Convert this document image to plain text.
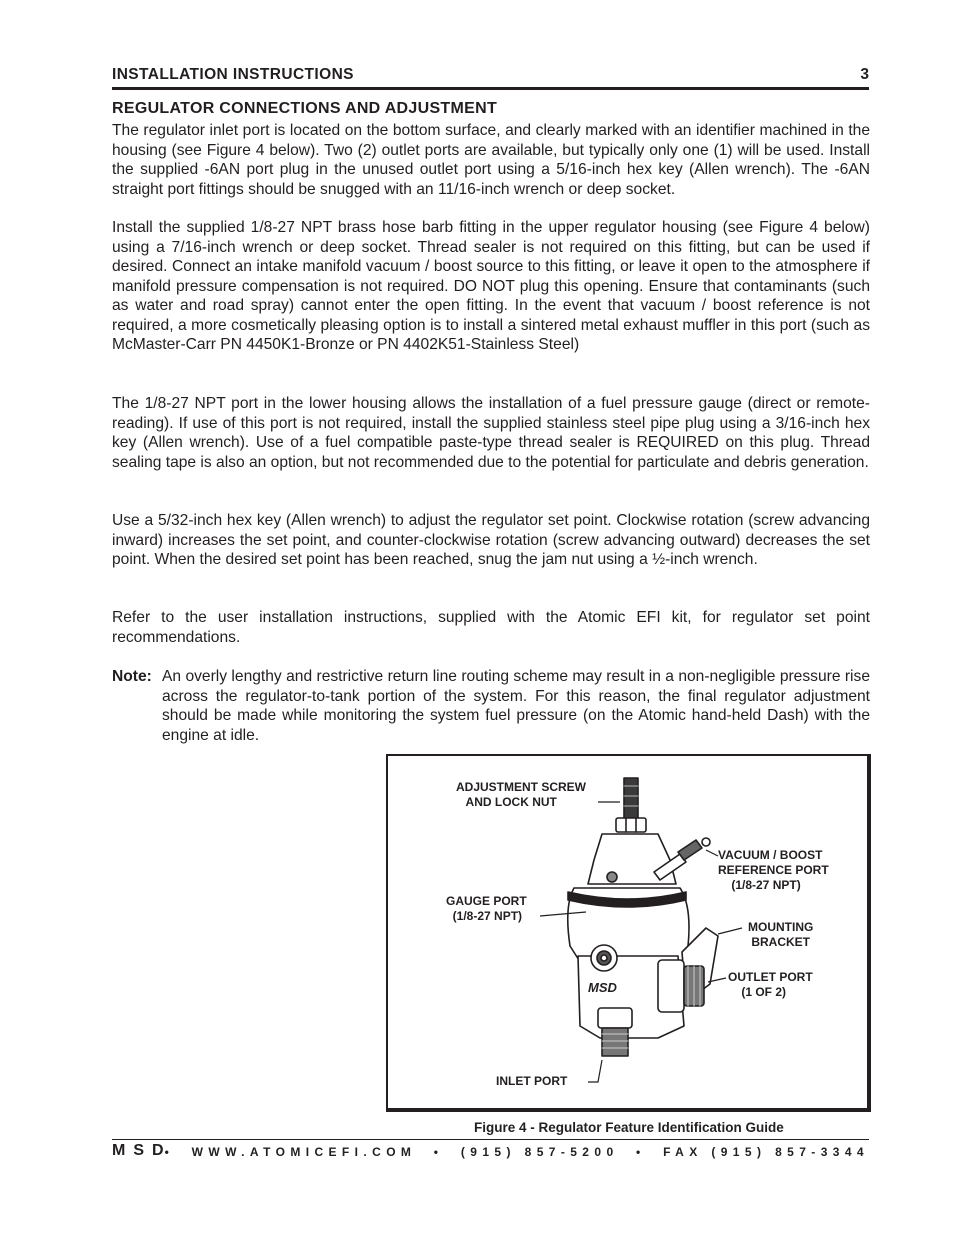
INSTALLATION INSTRUCTIONS	3
REGULATOR CONNECTIONS AND ADJUSTMENT

The regulator inlet port is located on the bottom surface, and clearly marked with an identifier machined in the housing (see Figure 4 below). Two (2) outlet ports are available, but typically only one (1) will be used. Install the supplied -6AN port plug in the unused outlet port using a 5/16-inch hex key (Allen wrench). The -6AN straight port fittings should be snugged with an 11/16-inch wrench or deep socket.

Install the supplied 1/8-27 NPT brass hose barb fitting in the upper regulator housing (see Figure 4 below) using a 7/16-inch wrench or deep socket. Thread sealer is not required on this fitting, but can be used if desired. Connect an intake manifold vacuum / boost source to this fitting, or leave it open to the atmosphere if manifold pressure compensation is not required. DO NOT plug this opening. Ensure that contaminants (such as water and road spray) cannot enter the open fitting. In the event that vacuum / boost reference is not required, a more cosmetically pleasing option is to install a sintered metal exhaust muffler in this port (such as McMaster-Carr PN 4450K1-Bronze or PN 4402K51-Stainless Steel)

The 1/8-27 NPT port in the lower housing allows the installation of a fuel pressure gauge (direct or remote-reading). If use of this port is not required, install the supplied stainless steel pipe plug using a 3/16-inch hex key (Allen wrench). Use of a fuel compatible paste-type thread sealer is REQUIRED on this plug. Thread sealing tape is also an option, but not recommended due to the potential for particulate and debris generation.

Use a 5/32-inch hex key (Allen wrench) to adjust the regulator set point. Clockwise rotation (screw advancing inward) increases the set point, and counter-clockwise rotation (screw advancing outward) decreases the set point. When the desired set point has been reached, snug the jam nut using a ½-inch wrench.

Refer to the user installation instructions, supplied with the Atomic EFI kit, for regulator set point recommendations.

Note: An overly lengthy and restrictive return line routing scheme may result in a non-negligible pressure rise across the regulator-to-tank portion of the system. For this reason, the final regulator adjustment should be made while monitoring the system fuel pressure (on the Atomic hand-held Dash) with the engine at idle.

MSD
ADJUSTMENT SCREW
AND LOCK NUT
VACUUM / BOOST
REFERENCE PORT
(1/8-27 NPT)
GAUGE PORT
(1/8-27 NPT)
MOUNTING
BRACKET
OUTLET PORT
(1 OF 2)
INLET PORT
Figure 4 - Regulator Feature Identification Guide
MSD
•  WWW.ATOMICEFI.COM  •  (915) 857-5200  •  FAX (915) 857-3344
